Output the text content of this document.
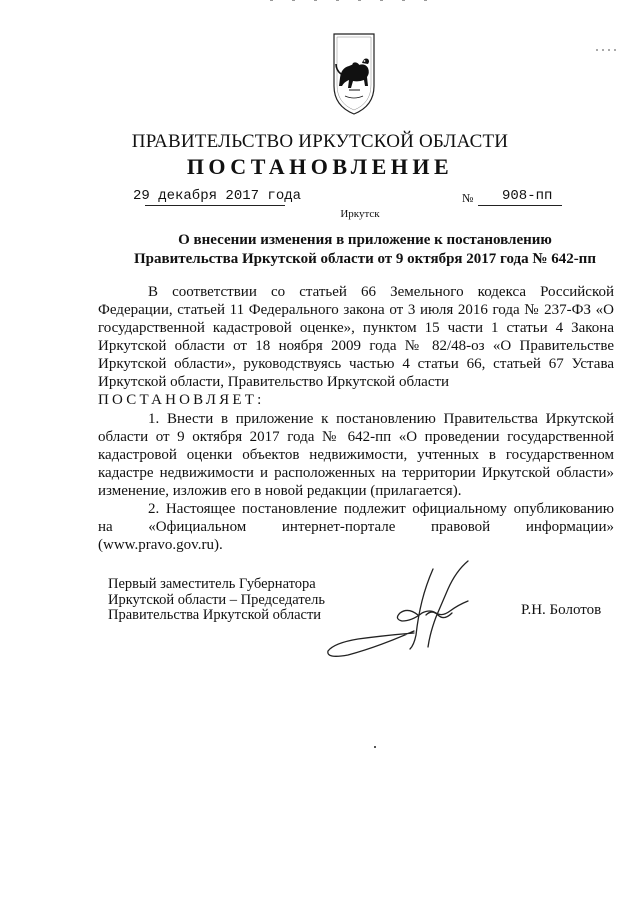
ПРАВИТЕЛЬСТВО ИРКУТСКОЙ ОБЛАСТИ
ПОСТАНОВЛЕНИЕ
29 декабря 2017 года	№ 908-пп
Иркутск
О внесении изменения в приложение к постановлению
Правительства Иркутской области от 9 октября 2017 года № 642-пп

В соответствии со статьей 66 Земельного кодекса Российской Федерации, статьей 11 Федерального закона от 3 июля 2016 года № 237-ФЗ «О государственной кадастровой оценке», пунктом 15 части 1 статьи 4 Закона Иркутской области от 18 ноября 2009 года № 82/48-оз «О Правительстве Иркутской области», руководствуясь частью 4 статьи 66, статьей 67 Устава Иркутской области, Правительство Иркутской области

ПОСТАНОВЛЯЕТ:

1. Внести в приложение к постановлению Правительства Иркутской области от 9 октября 2017 года № 642-пп «О проведении государственной кадастровой оценки объектов недвижимости, учтенных в государственном кадастре недвижимости и расположенных на территории Иркутской области» изменение, изложив его в новой редакции (прилагается).

2. Настоящее постановление подлежит официальному опубликованию на «Официальном интернет-портале правовой информации» (www.pravo.gov.ru).

Первый заместитель Губернатора
Иркутской области – Председатель
Правительства Иркутской области	Р.Н. Болотов
